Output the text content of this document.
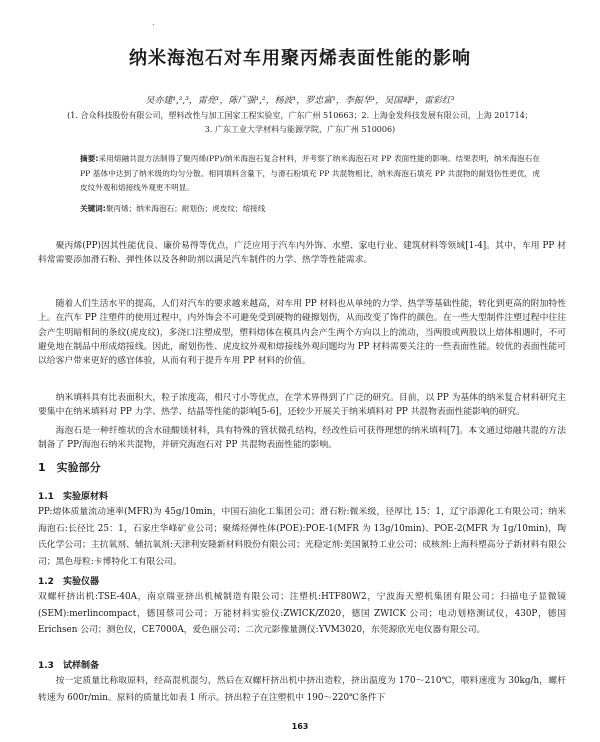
.
纳米海泡石对车用聚丙烯表面性能的影响
吴亦建¹,²,³，雷亮¹，陈广强¹,²，杨波¹，罗忠富¹，李振华¹，吴国峰¹，雷彩红³
(1. 合众科技股份有限公司，塑料改性与加工国家工程实验室，广东广州 510663；2. 上海金发科技发展有限公司，上海 201714；
3. 广东工业大学材料与能源学院，广东广州 510006)
摘要:采用熔融共混方法制得了聚丙烯(PP)/纳米海泡石复合材料，并考察了纳米海泡石对 PP 表面性能的影响。结果表明，纳米海泡石在 PP 基体中达到了纳米级的均匀分散。相同填料含量下，与滑石粉填充 PP 共混物相比，纳米海泡石填充 PP 共混物的耐划伤性更优，虎皮纹外观和熔接线外观更不明显。
关键词:聚丙烯；纳米海泡石；耐划伤；虎皮纹；熔接线

聚丙烯(PP)因其性能优良、廉价易得等优点，广泛应用于汽车内外饰、水塑、家电行业、建筑材料等领域[1-4]。其中，车用 PP 材料常需要添加滑石粉、弹性体以及各种助剂以满足汽车制件的力学、热学等性能需求。

随着人们生活水平的提高，人们对汽车的要求越来越高，对车用 PP 材料也从单纯的力学、热学等基础性能，转化到更高的附加特性上。在汽车 PP 注塑件的使用过程中，内外饰会不可避免受到硬物的碰擦划伤，从而改变了饰件的颜色。在一些大型制件注塑过程中往往会产生明暗相间的条纹(虎皮纹)，多浇口注塑成型，塑料熔体在模具内会产生两个方向以上的流动，当两股或两股以上熔体相遇时，不可避免地在制品中形成熔接线。因此，耐划伤性、虎皮纹外观和熔接线外观问题均为 PP 材料需要关注的一些表面性能。较优的表面性能可以给客户带来更好的感官体验，从而有利于提升车用 PP 材料的价值。

纳米填料具有比表面积大，粒子浓度高，相尺寸小等优点，在学术界得到了广泛的研究。目前，以 PP 为基体的纳米复合材料研究主要集中在纳米填料对 PP 力学、热学、结晶等性能的影响[5-6]，还较少开展关于纳米填料对 PP 共混物表面性能影响的研究。

海泡石是一种纤维状的含水硅酸镁材料，具有特殊的管状微孔结构，经改性后可获得理想的纳米填料[7]。本文通过熔融共混的方法制备了 PP/海泡石纳米共混物，并研究海泡石对 PP 共混物表面性能的影响。

1　实验部分
1.1　实验原材料

PP:熔体质量流动速率(MFR)为 45g/10min，中国石油化工集团公司；滑石粉:微米级，径厚比 15：1，辽宁添源化工有限公司；纳米海泡石:长径比 25：1，石家庄华峰矿业公司；聚烯烃弹性体(POE):POE-1(MFR 为 13g/10min)、POE-2(MFR 为 1g/10min)，陶氏化学公司；主抗氧剂、辅抗氧剂:天津利安隆新材料股份有限公司；光稳定剂:美国氰特工业公司；成核剂:上海科塑高分子新材料有限公司；黑色母粒:卡博特化工有限公司。

1.2　实验仪器

双螺杆挤出机:TSE-40A，南京瑞亚挤出机械制造有限公司；注塑机:HTF80W2，宁波海天塑机集团有限公司；扫描电子显微镜(SEM):merlincompact，德国蔡司公司；万能材料实验仪:ZWICK/Z020，德国 ZWICK 公司；电动划格测试仪，430P，德国 Erichsen 公司；测色仪，CE7000A，爱色丽公司；二次元影像量测仪:YVM3020，东莞源欣光电仪器有限公司。

1.3　试样制备

按一定质量比称取原料，经高混机混匀，然后在双螺杆挤出机中挤出造粒，挤出温度为 170～210℃，喂料速度为 30kg/h，螺杆转速为 600r/min。原料的质量比如表 1 所示。挤出粒子在注塑机中 190～220℃条件下

163
